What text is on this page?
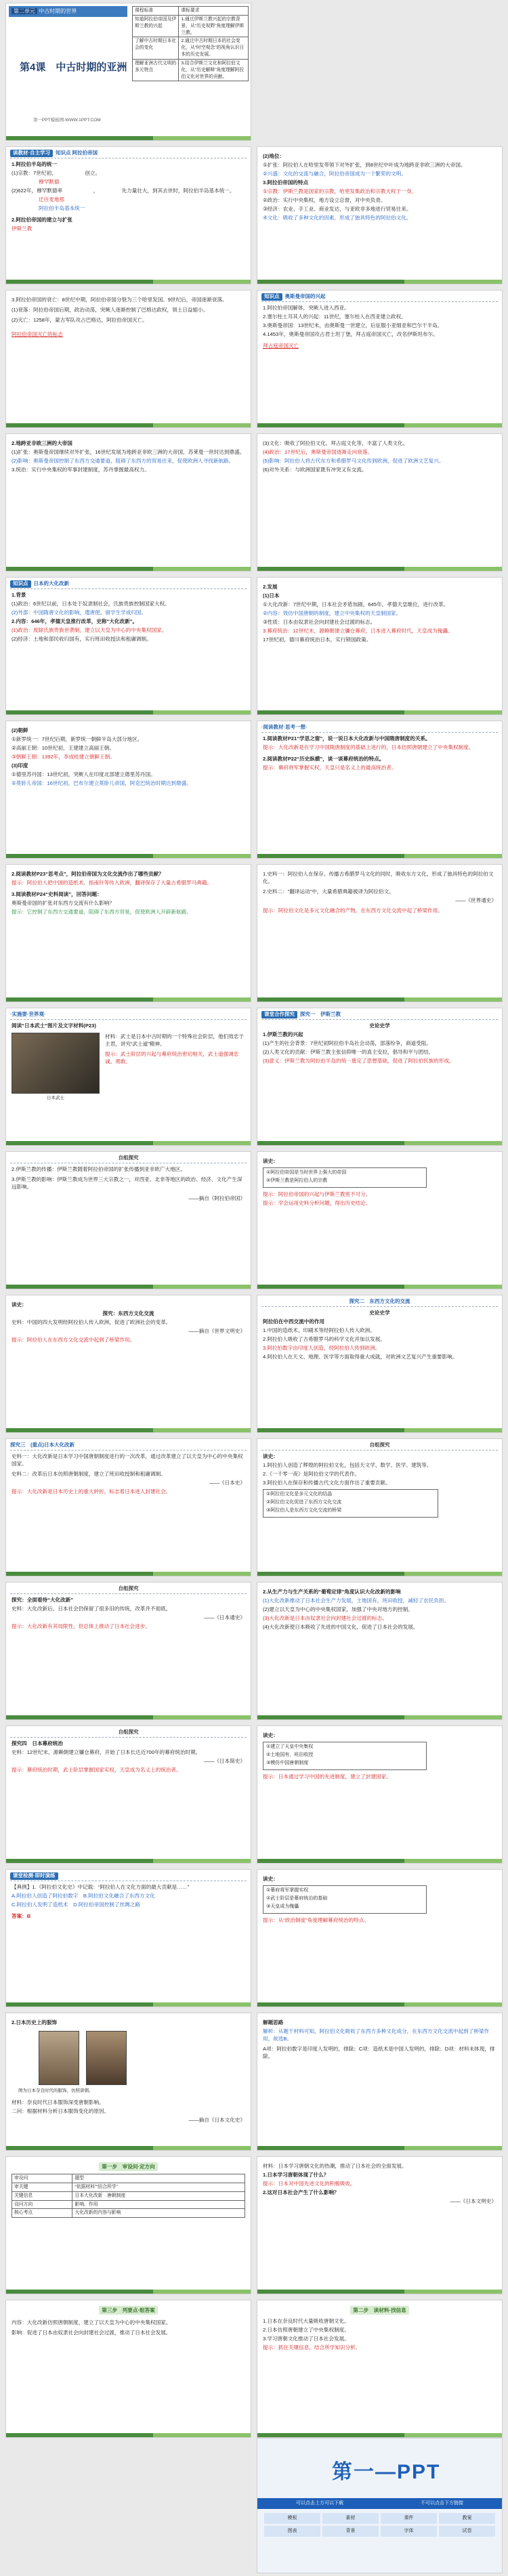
第二单元 中古时期的世界
第4课　中古时期的亚洲
第一PPT模板网-WWW.1PPT.COM
课程标准	课标要求
知道阿拉伯帝国及伊斯兰教的兴起	1.通过伊斯兰教兴起的宗教背景，从“历史视野”角度理解伊斯兰教。
了解中古时期日本社会的变化	2.通过中古时期日本的社会变化，从“时空观念”的视角认识日本的历史发展。
理解亚洲古代文明的多元特点	3.结合伊斯兰文化和阿拉伯文化，从“历史解释”角度理解阿拉伯文化对世界的贡献。
读教材·自主学习 知识点 阿拉伯帝国

1.阿拉伯半岛的统一

(1)宗教：7世纪初，　　　　　　创立。

穆罕默德

(2)622年，穆罕默德率　　　　　　，　　　　　先力量壮大，到其去世时，阿拉伯半岛基本统一。

迁往麦地那

阿拉伯半岛基本统一

2.阿拉伯帝国的建立与扩张

伊斯兰教

3.阿拉伯帝国的衰亡：8世纪中期，阿拉伯帝国分裂为三个哈里发国。9世纪后，帝国逐渐衰落。

(1)衰落：阿拉伯帝国后期，政治动荡，突厥人逐渐控制了巴格达政权，领土日益缩小。

(2)灭亡：1258年，蒙古军队攻占巴格达，阿拉伯帝国灭亡。

阿拉伯帝国灭亡的标志

2.地跨亚非欧三洲的大帝国

(1)扩张：奥斯曼帝国继续对外扩张，16世纪发展为地跨亚非欧三洲的大帝国，苏莱曼一世时达到鼎盛。

(2)影响：奥斯曼帝国控制了东西方交通要道，阻碍了东西方的贸易往来，促使欧洲人寻找新航路。

3.统治：实行中央集权的军事封建制度，苏丹掌握最高权力。

知识点 日本的大化改新

1.背景

(1)政治：6世纪以前，日本处于奴隶制社会，氏族贵族控制国家大权。

(2)外部：中国隋唐文化的影响，遣唐使、留学生学成归国。

2.内容：646年，孝德天皇推行改革，史称“大化改新”。

(1)政治：废除氏族贵族世袭制，建立以天皇为中心的中央集权国家。

(2)经济：土地和部民收归国有，实行班田收授法和租庸调制。

(2)朝鲜

①新罗统一：7世纪后期，新罗统一朝鲜半岛大部分地区。

②高丽王朝：10世纪初，王建建立高丽王朝。

③朝鲜王朝：1392年，李成桂建立朝鲜王朝。

(3)印度

①德里苏丹国：13世纪初，突厥人在印度北部建立德里苏丹国。

②莫卧儿帝国：16世纪初，巴布尔建立莫卧儿帝国，阿克巴统治时期达到鼎盛。

2.阅读教材P23“思考点”，阿拉伯帝国为文化交流作出了哪些贡献？

提示：阿拉伯人把中国的造纸术、指南针等传入欧洲，翻译保存了大量古希腊罗马典籍。

3.阅读教材P24“史料阅读”，回答问题：

奥斯曼帝国的扩张对东西方交流有什么影响？

提示：它控制了东西方交通要道，阻碍了东西方贸易，促使欧洲人开辟新航路。

·实施要·世界观·

阅读“日本武士”图片及文字材料(P23)

日本武士

材料：武士是日本中古时期的一个特殊社会阶层，他们效忠于主君，讲究“武士道”精神。

提示：武士阶层的兴起与幕府统治密切相关，武士道强调忠诚、勇敢。

自组探究

2.伊斯兰教的传播：伊斯兰教随着阿拉伯帝国的扩张传播到亚非欧广大地区。

3.伊斯兰教的影响：伊斯兰教成为世界三大宗教之一，对西亚、北非等地区的政治、经济、文化产生深远影响。

——摘自《阿拉伯帝国》

读史：

探究：东西方文化交流

史料：中国的四大发明经阿拉伯人传入欧洲，促进了欧洲社会的变革。

——摘自《世界文明史》

提示：阿拉伯人在东西方文化交流中起到了桥梁作用。

探究三　(重点)日本大化改新

史料一：大化改新是日本学习中国唐朝制度进行的一次改革，通过改革建立了以天皇为中心的中央集权国家。

史料二：改革后日本仿照唐朝制度，建立了班田收授制和租庸调制。

——《日本史》

提示：大化改新是日本历史上的重大转折，标志着日本进入封建社会。

自组探究

探究：全面看待“大化改新”

史料：大化改新后，日本社会仍保留了很多旧的传统，改革并不彻底。

——《日本通史》

提示：大化改新有其局限性，但总体上推动了日本社会进步。

自组探究

探究四　日本幕府统治

史料：12世纪末，源赖朝建立镰仓幕府，开始了日本长达近700年的幕府统治时期。

——《日本简史》

提示：幕府统治时期，武士阶层掌握国家实权，天皇成为名义上的统治者。

课堂检测·即时演练

【典例】1.《阿拉伯文化史》中记载：“阿拉伯人在文化方面的最大贡献是……”

A.阿拉伯人创造了阿拉伯数字　B.阿拉伯文化融合了东西方文化

C.阿拉伯人发明了造纸术　D.阿拉伯帝国控制了丝绸之路

答案：B

2.日本历史上的服饰

图为日本奈良时代的服饰，仿照唐朝。

材料：奈良时代日本服饰深受唐朝影响。

二问：根据材料分析日本服饰变化的原因。

——摘自《日本文化史》

第一步　审设问·定方向
审设问	题型
审关键	“依据材料”“结合所学”
关键信息	日本大化改新　唐朝制度
设问方向	影响、作用
核心考点	大化改新的内容与影响
第三步　列要点·组答案

内容：大化改新仿照唐朝制度，建立了以天皇为中心的中央集权国家。

影响：促进了日本由奴隶社会向封建社会过渡，推动了日本社会发展。

(2)地位：

①扩张：阿拉伯人在哈里发带领下对外扩张，到8世纪中叶成为地跨亚非欧三洲的大帝国。

②兴盛：文化的交流与融合，阿拉伯帝国成为一个繁荣的文明。

3.阿拉伯帝国的特点

①宗教：伊斯兰教是国家的宗教，哈里发集政治和宗教大权于一身。

②政治：实行中央集权，地方设立总督，对中央负责。

③经济：农业、手工业、商业发达，与亚欧非多地进行贸易往来。

④文化：吸收了多种文化的因素，形成了独具特色的阿拉伯文化。

知识点 奥斯曼帝国的兴起

1.阿拉伯帝国解体，突厥人进入西亚。

2.塞尔柱土耳其人的兴起：11世纪，塞尔柱人在西亚建立政权。

3.奥斯曼帝国：13世纪末，由奥斯曼一世建立，后征服小亚细亚和巴尔干半岛。

4.1453年，奥斯曼帝国攻占君士坦丁堡，拜占庭帝国灭亡，改名伊斯坦布尔。

拜占庭帝国灭亡

(3)文化：吸收了阿拉伯文化、拜占庭文化等，丰富了人类文化。

(4)政治：17世纪后，奥斯曼帝国逐渐走向衰落。

(5)影响：阿拉伯人将古代东方和希腊罗马文化传到欧洲，促进了欧洲文艺复兴。

(6)对外关系：与欧洲国家既有冲突又有交流。

2.发展

(1)日本

①大化改新：7世纪中期，日本社会矛盾加剧，645年，孝德天皇继位，进行改革。

②内容：效仿中国唐朝的制度，建立中央集权的天皇制国家。

③性质：日本由奴隶社会向封建社会过渡的标志。

3.幕府统治：12世纪末，源赖朝建立镰仓幕府，日本进入幕府时代，天皇成为傀儡。

17世纪初，德川幕府统治日本，实行锁国政策。

·阅读教材·思考一想·

1.阅读教材P21“学思之窗”，说一说日本大化改新与中国隋唐制度的关系。

提示：大化改新是在学习中国隋唐制度的基础上进行的，日本仿照唐朝建立了中央集权制度。

2.阅读教材P22“历史纵横”，谈一谈幕府统治的特点。

提示：幕府将军掌握实权，天皇只是名义上的最高统治者。

1.史料一：阿拉伯人在保存、传播古希腊罗马文化的同时，吸收东方文化，形成了独具特色的阿拉伯文化。

2.史料二：“翻译运动”中，大量希腊典籍被译为阿拉伯文。

——《世界通史》

提示：阿拉伯文化是多元文化融合的产物，在东西方文化交流中起了桥梁作用。

课堂合作探究 探究一　伊斯兰教

史论史学

1.伊斯兰教的兴起

(1)产生的社会背景：7世纪初阿拉伯半岛社会动荡，部落纷争，商道受阻。

(2)人类文化的贡献：伊斯兰教主张信仰唯一的真主安拉，倡导和平与团结。

(3)意义：伊斯兰教为阿拉伯半岛的统一奠定了思想基础，促进了阿拉伯民族的形成。

读史：

①阿拉伯帝国是当时世界上强大的帝国

②伊斯兰教是阿拉伯人的宗教

提示：阿拉伯帝国的兴起与伊斯兰教密不可分。

提示：学会运用史料分析问题，得出历史结论。

探究二　东西方文化的交流

史论史学

阿拉伯在中西交流中的作用

1.中国的造纸术、印刷术等经阿拉伯人传入欧洲。

2.阿拉伯人吸收了古希腊罗马的科学文化并加以发展。

3.阿拉伯数字由印度人创造，经阿拉伯人传到欧洲。

4.阿拉伯人在天文、地理、医学等方面取得重大成就，对欧洲文艺复兴产生重要影响。

自组探究

读史：

1.阿拉伯人创造了辉煌的阿拉伯文化，包括天文学、数学、医学、建筑等。

2.《一千零一夜》是阿拉伯文学的代表作。

3.阿拉伯人在保存和传播古代文化方面作出了重要贡献。

①阿拉伯文化是多元文化的结晶

②阿拉伯文化促进了东西方文化交流

③阿拉伯人是东西方文化交流的桥梁

2.从生产力与生产关系的“葡萄定律”角度认识大化改新的影响

(1)大化改新推动了日本社会生产力发展，土地国有，班田收授，减轻了农民负担。

(2)建立以天皇为中心的中央集权国家，加强了中央对地方的控制。

(3)大化改新是日本由奴隶社会向封建社会过渡的标志。

(4)大化改新使日本吸收了先进的中国文化，促进了日本社会的发展。

读史：

①建立了天皇中央集权

②土地国有，班田收授

③模仿中国唐朝制度

提示：日本通过学习中国的先进制度，建立了封建国家。

读史：

①幕府将军掌握实权

②武士阶层是幕府统治的基础

③天皇成为傀儡

提示：从“政治制度”角度理解幕府统治的特点。

解题思路

解析：从题干材料可知，阿拉伯文化吸收了东西方多种文化成分，在东西方文化交流中起到了桥梁作用，故选B。

A项：阿拉伯数字是印度人发明的，排除；C项：造纸术是中国人发明的，排除；D项：材料未体现，排除。

材料：日本学习唐朝文化的热潮，推动了日本社会的全面发展。

1.日本学习唐朝体现了什么？

提示：日本对中国先进文化的积极吸收。

2.这对日本社会产生了什么影响？

——《日本文明史》

第二步　读材料·找信息

1.日本在奈良时代大量吸收唐朝文化。

2.日本仿照唐朝建立了中央集权制度。

3.学习唐朝文化推动了日本社会发展。

提示：抓住关键信息，结合所学知识分析。

第一—PPT
可以点击上方可以下载	不可以点击下方链接
模板	素材	课件	教案
图表	背景	字体	试卷
